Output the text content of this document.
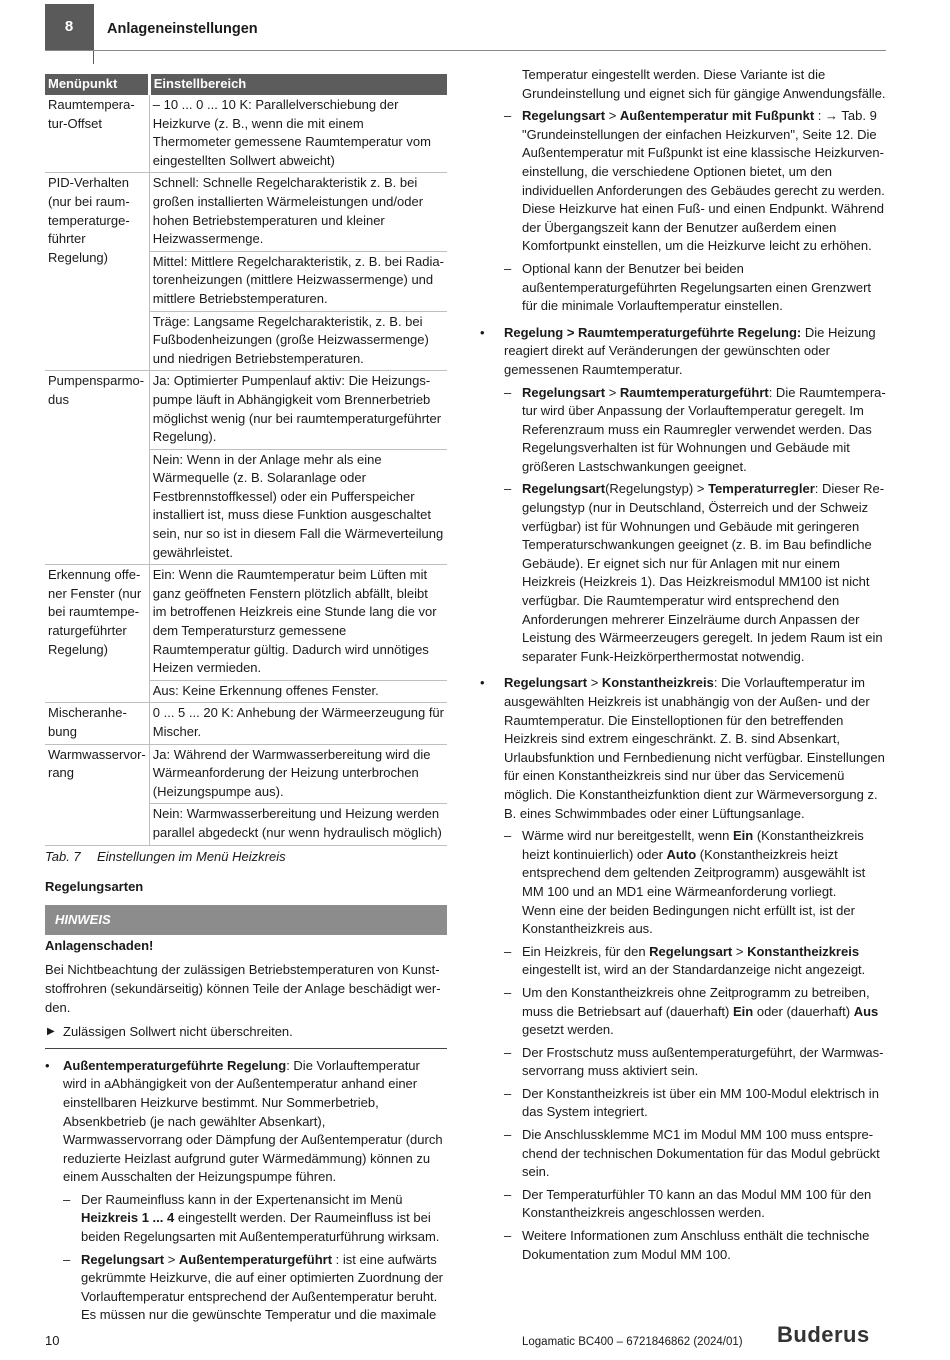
8	Anlageneinstellungen
Menüpunkt	Einstellbereich
Raumtemperatur-Offset	– 10 ... 0 ... 10 K: Parallelverschiebung der Heizkurve (z. B., wenn die mit einem Thermometer gemessene Raumtemperatur vom eingestellten Sollwert abweicht)
PID-Verhalten (nur bei raumtemperaturgeführter Regelung)	Schnell: Schnelle Regelcharakteristik z. B. bei großen installierten Wärmeleistungen und/oder hohen Betriebstemperaturen und kleiner Heizwassermenge.
	Mittel: Mittlere Regelcharakteristik, z. B. bei Radiatorenheizungen (mittlere Heizwassermenge) und mittlere Betriebstemperaturen.
	Träge: Langsame Regelcharakteristik, z. B. bei Fußbodenheizungen (große Heizwassermenge) und niedrigen Betriebstemperaturen.
Pumpensparmodus	Ja: Optimierter Pumpenlauf aktiv: Die Heizungspumpe läuft in Abhängigkeit vom Brennerbetrieb möglichst wenig (nur bei raumtemperaturgeführter Regelung).
	Nein: Wenn in der Anlage mehr als eine Wärmequelle (z. B. Solaranlage oder Festbrennstoffkessel) oder ein Pufferspeicher installiert ist, muss diese Funktion ausgeschaltet sein, nur so ist in diesem Fall die Wärmeverteilung gewährleistet.
Erkennung offener Fenster (nur bei raumtemperaturgeführter Regelung)	Ein: Wenn die Raumtemperatur beim Lüften mit ganz geöffneten Fenstern plötzlich abfällt, bleibt im betroffenen Heizkreis eine Stunde lang die vor dem Temperatursturz gemessene Raumtemperatur gültig. Dadurch wird unnötiges Heizen vermieden.
	Aus: Keine Erkennung offenes Fenster.
Mischeranhebung	0 ... 5 ... 20 K: Anhebung der Wärmeerzeugung für Mischer.
Warmwasservorrang	Ja: Während der Warmwasserbereitung wird die Wärmeanforderung der Heizung unterbrochen (Heizungspumpe aus).
	Nein: Warmwasserbereitung und Heizung werden parallel abgedeckt (nur wenn hydraulisch möglich)
Tab. 7 Einstellungen im Menü Heizkreis
Regelungsarten
HINWEIS
Anlagenschaden!
Bei Nichtbeachtung der zulässigen Betriebstemperaturen von Kunststoffrohren (sekundärseitig) können Teile der Anlage beschädigt werden.
▶ Zulässigen Sollwert nicht überschreiten.
• Außentemperaturgeführte Regelung: Die Vorlauftemperatur wird in aAbhängigkeit von der Außentemperatur anhand einer einstellbaren Heizkurve bestimmt. Nur Sommerbetrieb, Absenkbetrieb (je nach gewählter Absenkart), Warmwasservorrang oder Dämpfung der Außentemperatur (durch reduzierte Heizlast aufgrund guter Wärmedämmung) können zu einem Ausschalten der Heizungspumpe führen.
– Der Raumeinfluss kann in der Expertenansicht im Menü Heizkreis 1 ... 4 eingestellt werden. Der Raumeinfluss ist bei beiden Regelungsarten mit Außentemperaturführung wirksam.
– Regelungsart > Außentemperaturgeführt : ist eine aufwärts gekrümmte Heizkurve, die auf einer optimierten Zuordnung der Vorlauftemperatur entsprechend der Außentemperatur beruht. Es müssen nur die gewünschte Temperatur und die maximale
Temperatur eingestellt werden. Diese Variante ist die Grundeinstellung und eignet sich für gängige Anwendungsfälle.
– Regelungsart > Außentemperatur mit Fußpunkt : → Tab. 9 "Grundeinstellungen der einfachen Heizkurven", Seite 12. Die Außentemperatur mit Fußpunkt ist eine klassische Heizkurveneinstellung, die verschiedene Optionen bietet, um den individuellen Anforderungen des Gebäudes gerecht zu werden. Diese Heizkurve hat einen Fuß- und einen Endpunkt. Während der Übergangszeit kann der Benutzer außerdem einen Komfortpunkt einstellen, um die Heizkurve leicht zu erhöhen.
– Optional kann der Benutzer bei beiden außentemperaturgeführten Regelungsarten einen Grenzwert für die minimale Vorlauftemperatur einstellen.
•	Regelung > Raumtemperaturgeführte Regelung: Die Heizung reagiert direkt auf Veränderungen der gewünschten oder gemessenen Raumtemperatur.
– Regelungsart > Raumtemperaturgeführt: Die Raumtemperatur wird über Anpassung der Vorlauftemperatur geregelt. Im Referenzraum muss ein Raumregler verwendet werden. Das Regelungsverhalten ist für Wohnungen und Gebäude mit größeren Lastschwankungen geeignet.
– Regelungsart(Regelungstyp) > Temperaturregler: Dieser Regelungstyp (nur in Deutschland, Österreich und der Schweiz verfügbar) ist für Wohnungen und Gebäude mit geringeren Temperaturschwankungen geeignet (z. B. im Bau befindliche Gebäude). Er eignet sich nur für Anlagen mit nur einem Heizkreis (Heizkreis 1). Das Heizkreismodul MM100 ist nicht verfügbar. Die Raumtemperatur wird entsprechend den Anforderungen mehrerer Einzelräume durch Anpassen der Leistung des Wärmeerzeugers geregelt. In jedem Raum ist ein separater Funk-Heizkörperthermostat notwendig.
•	Regelungsart > Konstantheizkreis: Die Vorlauftemperatur im ausgewählten Heizkreis ist unabhängig von der Außen- und der Raumtemperatur. Die Einstelloptionen für den betreffenden Heizkreis sind extrem eingeschränkt. Z. B. sind Absenkart, Urlaubsfunktion und Fernbedienung nicht verfügbar. Einstellungen für einen Konstantheizkreis sind nur über das Servicemenü möglich. Die Konstantheizfunktion dient zur Wärmeversorgung z. B. eines Schwimmbades oder einer Lüftungsanlage.
– Wärme wird nur bereitgestellt, wenn Ein (Konstantheizkreis heizt kontinuierlich) oder Auto (Konstantheizkreis heizt entsprechend dem geltenden Zeitprogramm) ausgewählt ist MM 100 und an MD1 eine Wärmeanforderung vorliegt.
Wenn eine der beiden Bedingungen nicht erfüllt ist, ist der Konstantheizkreis aus.
– Ein Heizkreis, für den Regelungsart > Konstantheizkreis eingestellt ist, wird an der Standardanzeige nicht angezeigt.
– Um den Konstantheizkreis ohne Zeitprogramm zu betreiben, muss die Betriebsart auf (dauerhaft) Ein oder (dauerhaft) Aus gesetzt werden.
– Der Frostschutz muss außentemperaturgeführt, der Warmwasservorrang muss aktiviert sein.
– Der Konstantheizkreis ist über ein MM 100-Modul elektrisch in das System integriert.
– Die Anschlussklemme MC1 im Modul MM 100 muss entsprechend der technischen Dokumentation für das Modul gebrückt sein.
– Der Temperaturfühler T0 kann an das Modul MM 100 für den Konstantheizkreis angeschlossen werden.
– Weitere Informationen zum Anschluss enthält die technische Dokumentation zum Modul MM 100.
10	Logamatic BC400 – 6721846862 (2024/01) Buderus
